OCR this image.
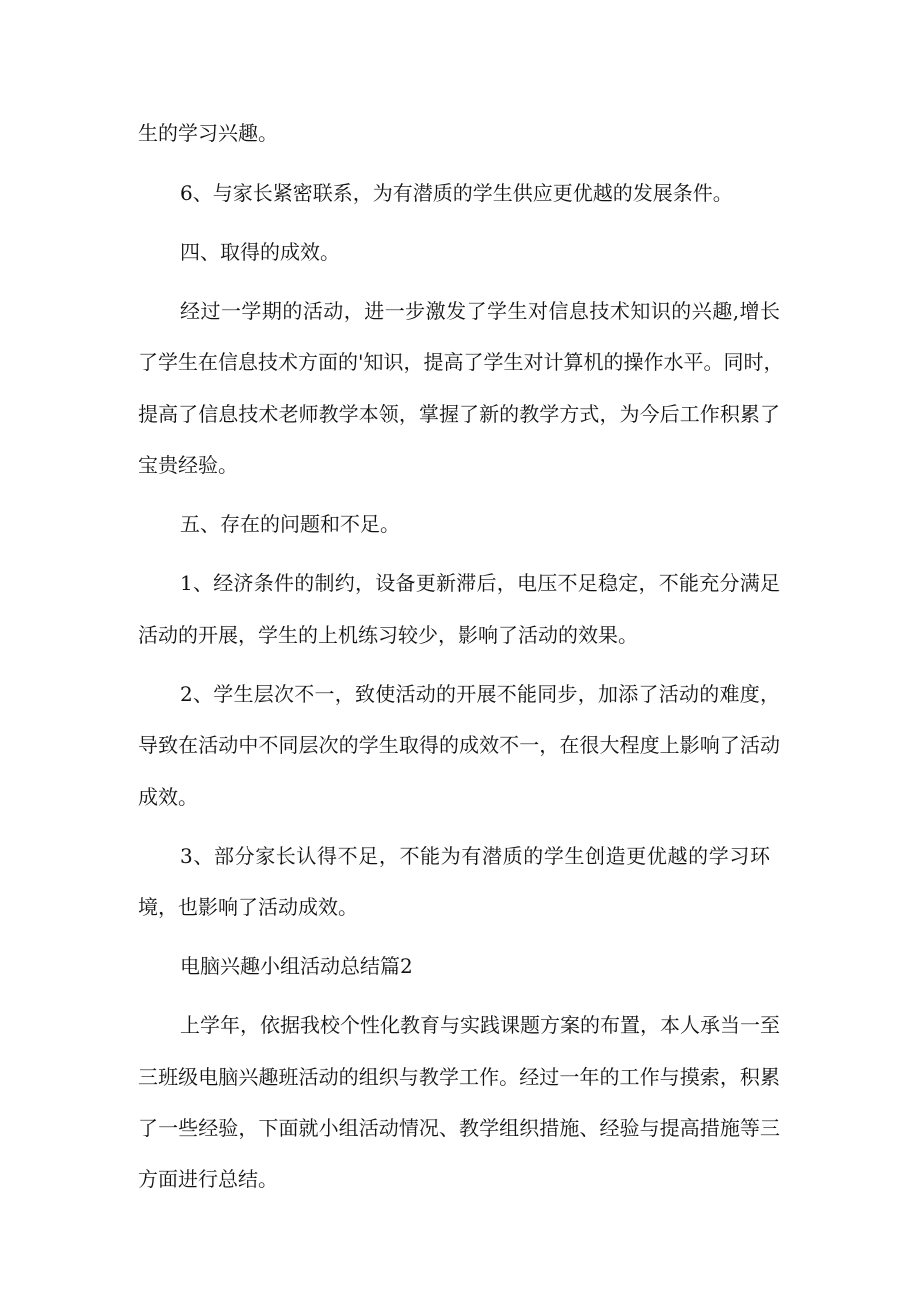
生的学习兴趣。

6、与家长紧密联系，为有潜质的学生供应更优越的发展条件。

四、取得的成效。

经过一学期的活动，进一步激发了学生对信息技术知识的兴趣,增长

了学生在信息技术方面的'知识，提高了学生对计算机的操作水平。同时，

提高了信息技术老师教学本领，掌握了新的教学方式，为今后工作积累了

宝贵经验。

五、存在的问题和不足。

1、经济条件的制约，设备更新滞后，电压不足稳定，不能充分满足

活动的开展，学生的上机练习较少，影响了活动的效果。

2、学生层次不一，致使活动的开展不能同步，加添了活动的难度，

导致在活动中不同层次的学生取得的成效不一，在很大程度上影响了活动

成效。

3、部分家长认得不足，不能为有潜质的学生创造更优越的学习环

境，也影响了活动成效。

电脑兴趣小组活动总结篇2

上学年，依据我校个性化教育与实践课题方案的布置，本人承当一至

三班级电脑兴趣班活动的组织与教学工作。经过一年的工作与摸索，积累

了一些经验，下面就小组活动情况、教学组织措施、经验与提高措施等三

方面进行总结。
